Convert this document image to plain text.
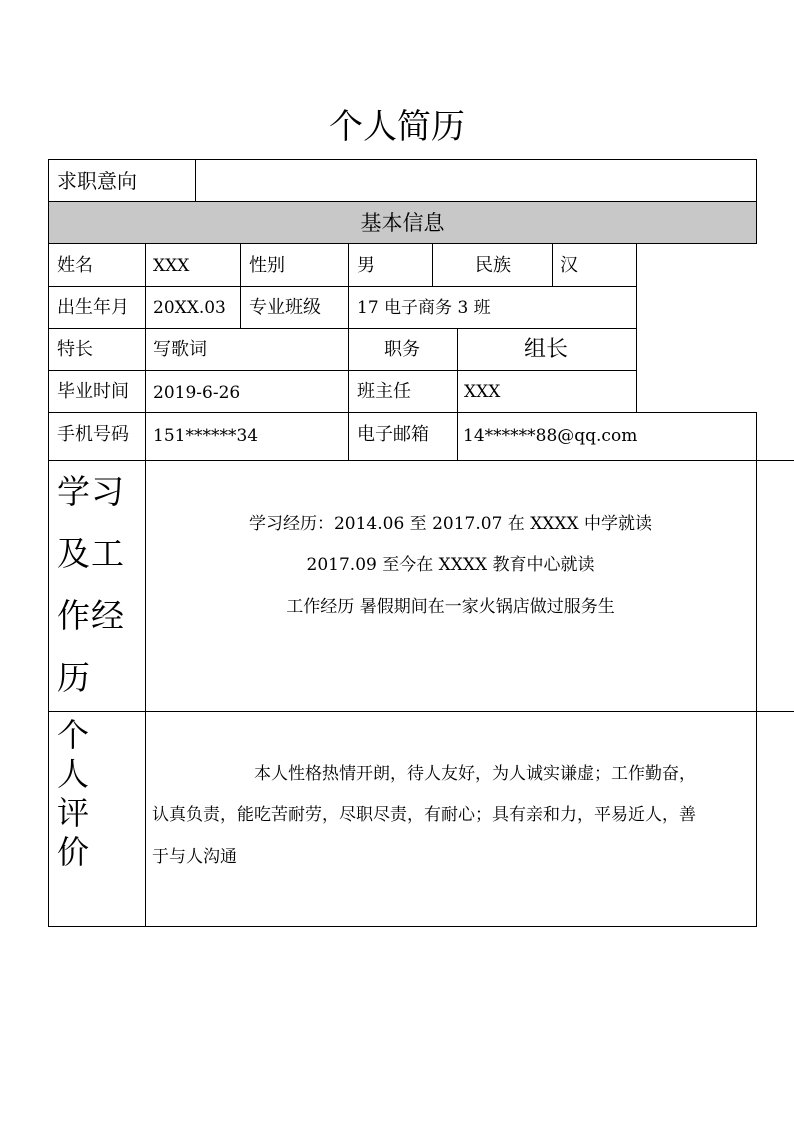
个人简历
求职意向
基本信息
姓名	XXX	性别	男	民族	汉
出生年月 20XX.03 专业班级 17 电子商务 3 班
特长	写歌词	职务	组长
毕业时间 2019-6-26	班主任	XXX
手机号码 151******34	电子邮箱 14******88@qq.com
学习
及工
作经
历
学习经历：2014.06 至 2017.07 在 XXXX 中学就读
2017.09 至今在 XXXX 教育中心就读
工作经历 暑假期间在一家火锅店做过服务生
个
人
评
价
本人性格热情开朗，待人友好，为人诚实谦虚；工作勤奋，
认真负责，能吃苦耐劳，尽职尽责，有耐心；具有亲和力，平易近人，善
于与人沟通
